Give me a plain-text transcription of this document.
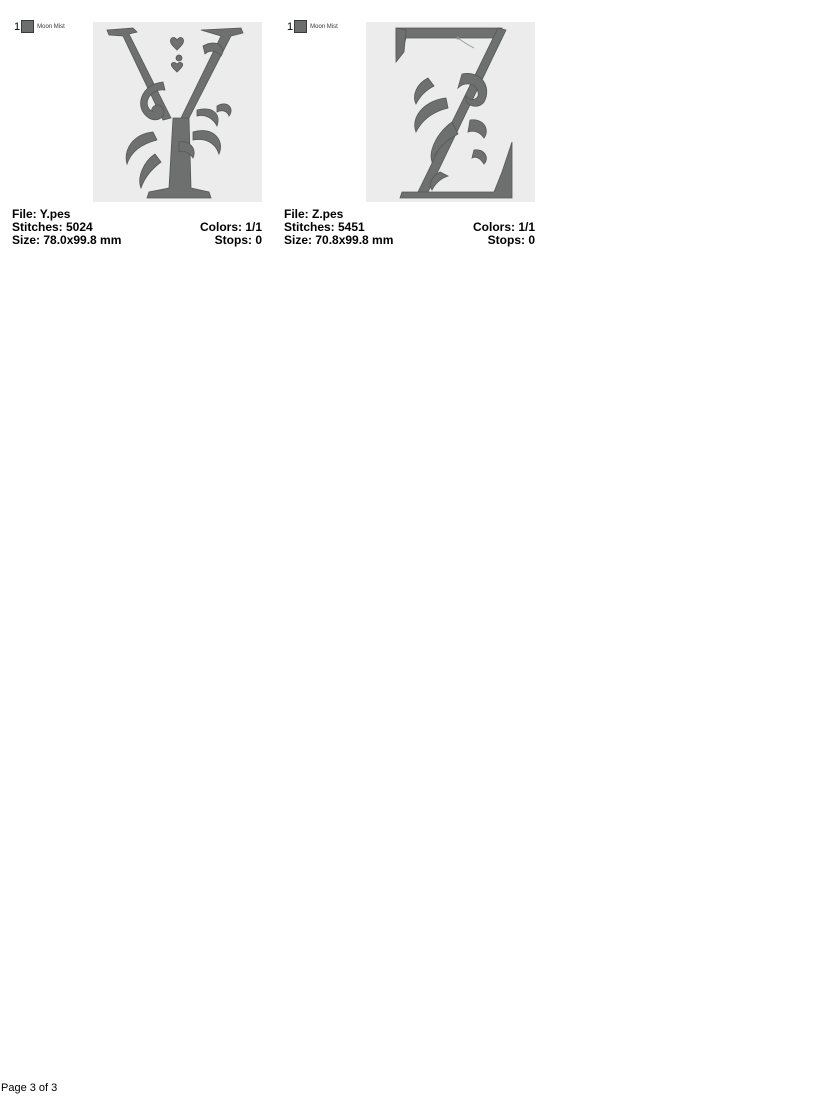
1	Moon Mist
File: Y.pes
Stitches: 5024
Size: 78.0x99.8 mm
Colors: 1/1
Stops: 0
1	Moon Mist
File: Z.pes
Stitches: 5451
Size: 70.8x99.8 mm
Colors: 1/1
Stops: 0
Page 3 of 3
